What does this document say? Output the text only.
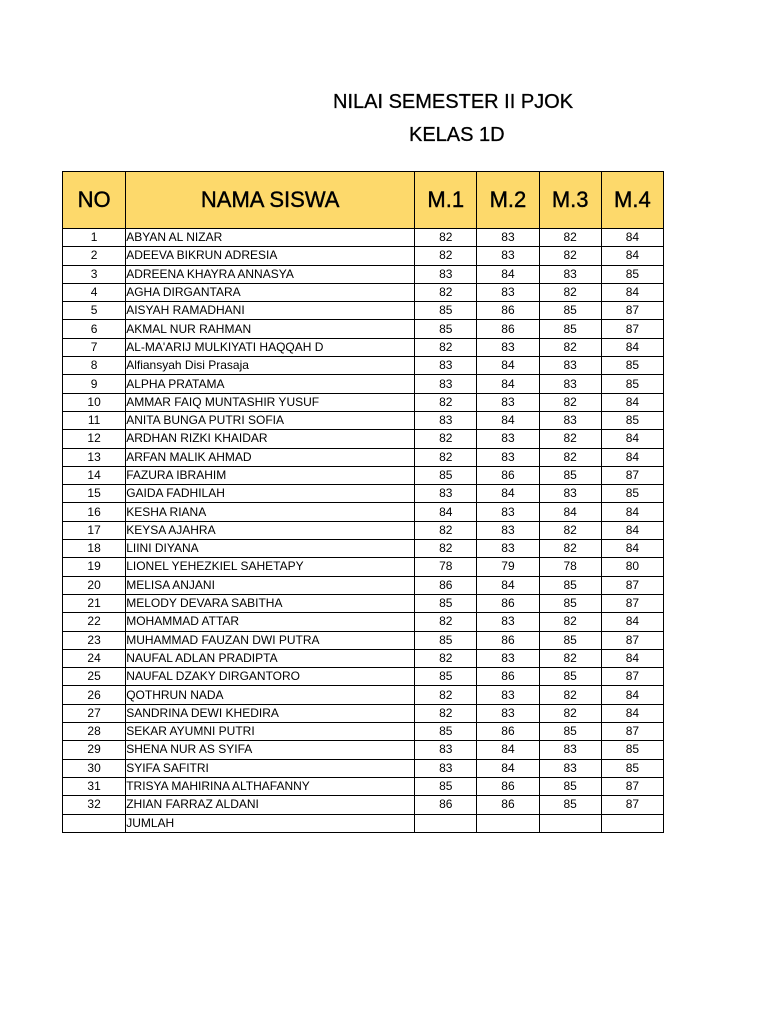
NILAI SEMESTER II PJOK
KELAS 1D
NO	NAMA SISWA	M.1	M.2	M.3	M.4
1	ABYAN AL NIZAR	82	83	82	84
2	ADEEVA BIKRUN ADRESIA	82	83	82	84
3	ADREENA KHAYRA ANNASYA	83	84	83	85
4	AGHA DIRGANTARA	82	83	82	84
5	AISYAH RAMADHANI	85	86	85	87
6	AKMAL NUR RAHMAN	85	86	85	87
7	AL-MA'ARIJ MULKIYATI HAQQAH D	82	83	82	84
8	Alfiansyah Disi Prasaja	83	84	83	85
9	ALPHA PRATAMA	83	84	83	85
10	AMMAR FAIQ MUNTASHIR YUSUF	82	83	82	84
11	ANITA BUNGA PUTRI SOFIA	83	84	83	85
12	ARDHAN RIZKI KHAIDAR	82	83	82	84
13	ARFAN MALIK AHMAD	82	83	82	84
14	FAZURA IBRAHIM	85	86	85	87
15	GAIDA FADHILAH	83	84	83	85
16	KESHA RIANA	84	83	84	84
17	KEYSA AJAHRA	82	83	82	84
18	LIINI DIYANA	82	83	82	84
19	LIONEL YEHEZKIEL SAHETAPY	78	79	78	80
20	MELISA ANJANI	86	84	85	87
21	MELODY DEVARA SABITHA	85	86	85	87
22	MOHAMMAD ATTAR	82	83	82	84
23	MUHAMMAD FAUZAN DWI PUTRA	85	86	85	87
24	NAUFAL ADLAN PRADIPTA	82	83	82	84
25	NAUFAL DZAKY DIRGANTORO	85	86	85	87
26	QOTHRUN NADA	82	83	82	84
27	SANDRINA DEWI KHEDIRA	82	83	82	84
28	SEKAR AYUMNI PUTRI	85	86	85	87
29	SHENA NUR AS SYIFA	83	84	83	85
30	SYIFA SAFITRI	83	84	83	85
31	TRISYA MAHIRINA ALTHAFANNY	85	86	85	87
32	ZHIAN FARRAZ ALDANI	86	86	85	87
	JUMLAH				
